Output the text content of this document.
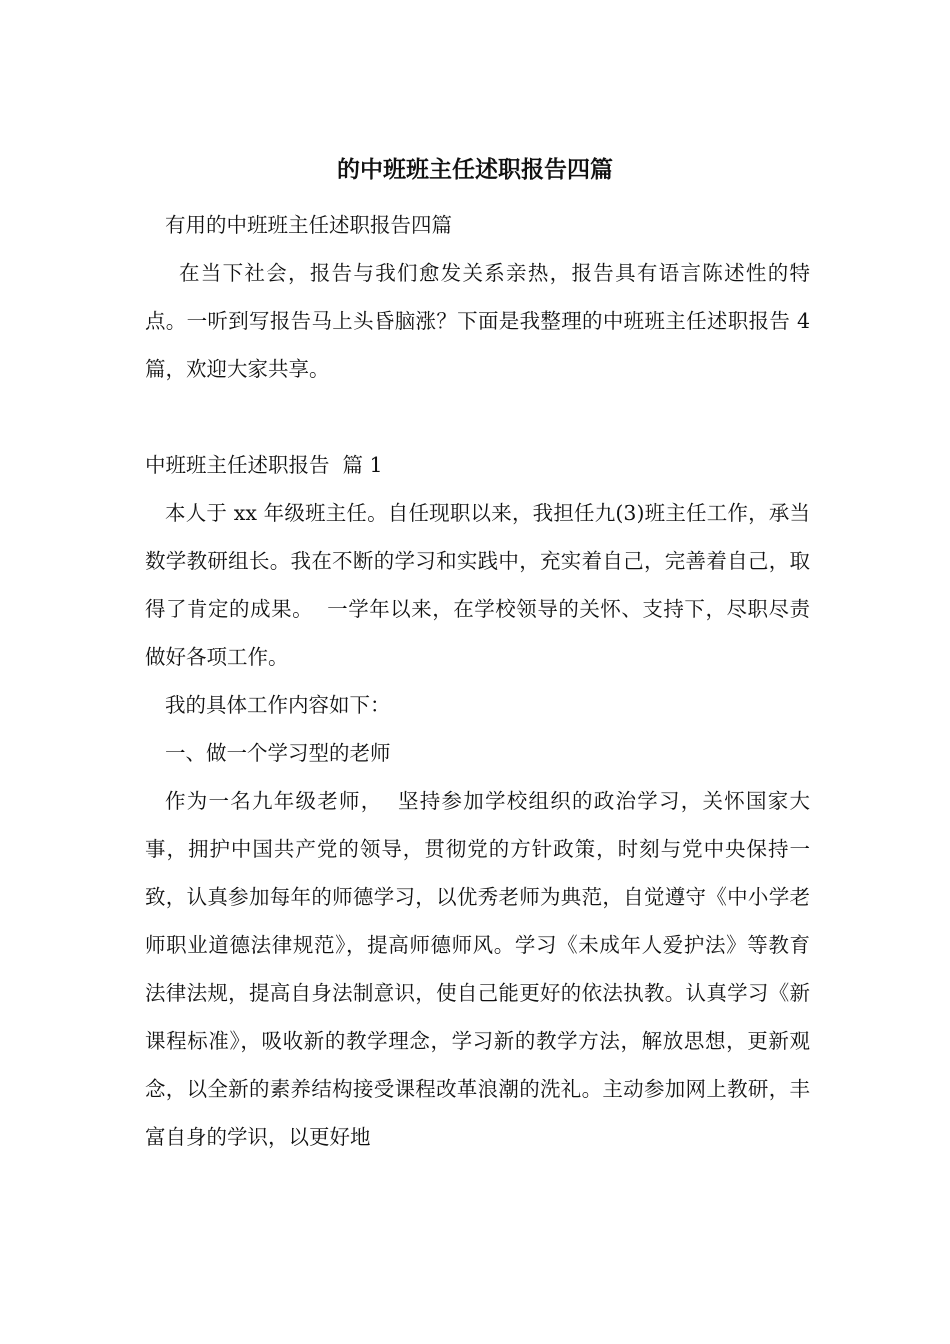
的中班班主任述职报告四篇

有用的中班班主任述职报告四篇

在当下社会，报告与我们愈发关系亲热，报告具有语言陈述性的特点。一听到写报告马上头昏脑涨？下面是我整理的中班班主任述职报告 4 篇，欢迎大家共享。

中班班主任述职报告  篇 1

本人于 xx 年级班主任。自任现职以来，我担任九(3)班主任工作，承当数学教研组长。我在不断的学习和实践中，充实着自己，完善着自己，取得了肯定的成果。  一学年以来，在学校领导的关怀、支持下，尽职尽责做好各项工作。

我的具体工作内容如下：

一、做一个学习型的老师

作为一名九年级老师，  坚持参加学校组织的政治学习，关怀国家大事，拥护中国共产党的领导，贯彻党的方针政策，时刻与党中央保持一致，认真参加每年的师德学习，以优秀老师为典范，自觉遵守《中小学老师职业道德法律规范》，提高师德师风。学习《未成年人爱护法》等教育法律法规，提高自身法制意识，使自己能更好的依法执教。认真学习《新课程标准》，吸收新的教学理念，学习新的教学方法，解放思想，更新观念，以全新的素养结构接受课程改革浪潮的洗礼。主动参加网上教研，丰富自身的学识，以更好地
